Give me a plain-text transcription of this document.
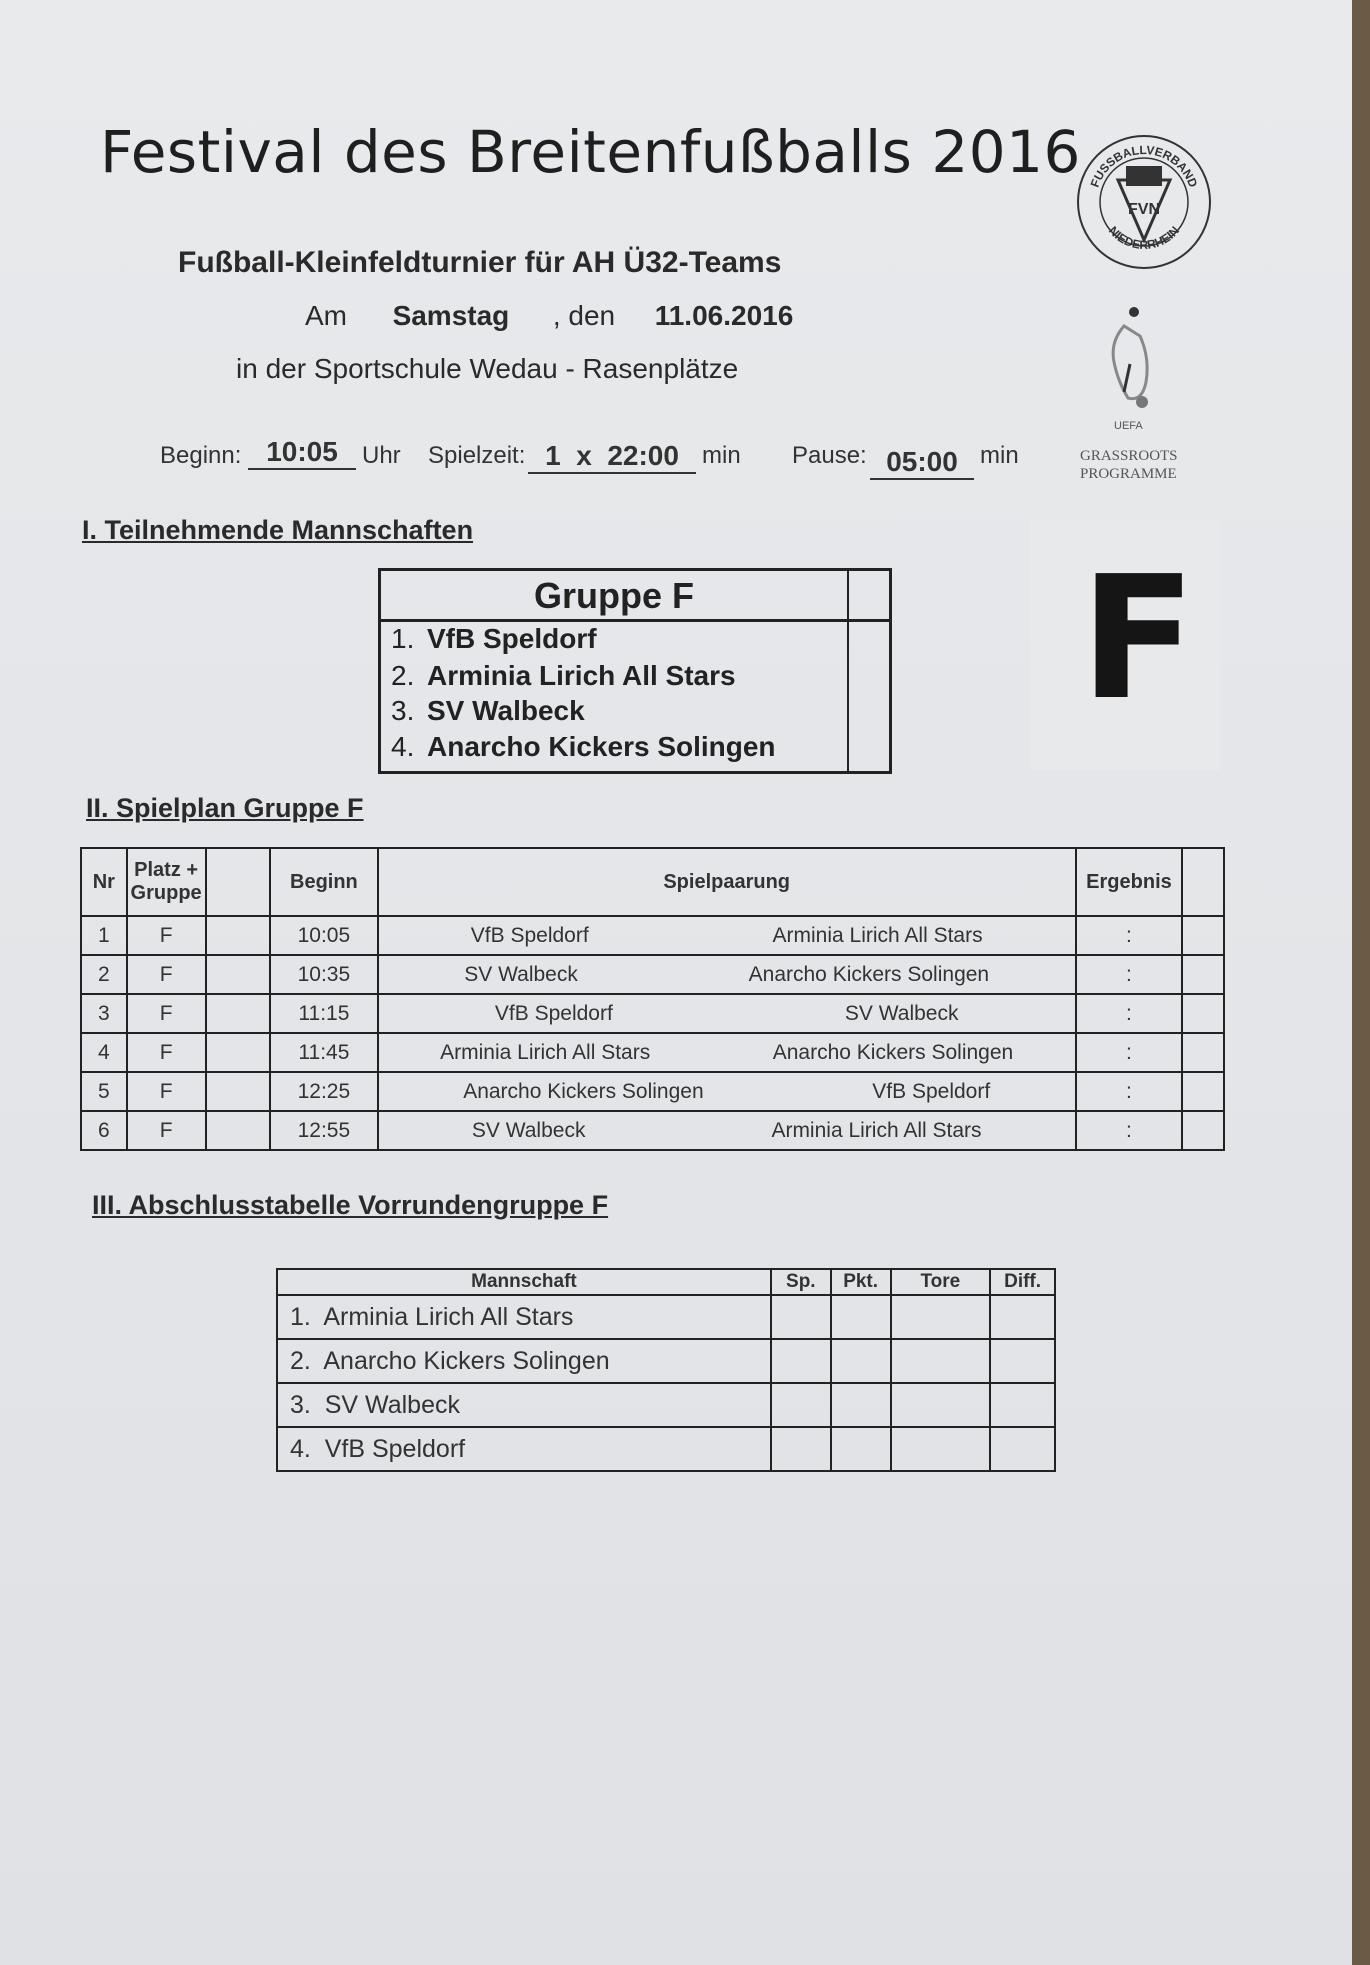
Festival des Breitenfußballs 2016
Fußball-Kleinfeldturnier für AH Ü32-Teams
Am Samstag , den 11.06.2016
in der Sportschule Wedau - Rasenplätze
Beginn: 10:05	Uhr Spielzeit: 1  x  22:00 min Pause: 05:00 min
FUSSBALLVERBAND
NIEDERRHEIN
FVN
UEFA
GRASSROOTS
PROGRAMME
I. Teilnehmende Mannschaften
Gruppe F
1. VfB Speldorf
2. Arminia Lirich All Stars
3. SV Walbeck
4. Anarcho Kickers Solingen
F
II. Spielplan Gruppe F
Nr	Platz +
Gruppe		Beginn	Spielpaarung	Ergebnis	
1	F		10:05	VfB Speldorf Arminia Lirich All Stars	:	
2	F		10:35	SV Walbeck Anarcho Kickers Solingen	:	
3	F		11:15	VfB Speldorf SV Walbeck	:	
4	F		11:45	Arminia Lirich All Stars Anarcho Kickers Solingen	:	
5	F		12:25	Anarcho Kickers Solingen VfB Speldorf	:	
6	F		12:55	SV Walbeck Arminia Lirich All Stars	:	
III. Abschlusstabelle Vorrundengruppe F
Mannschaft	Sp.	Pkt.	Tore	Diff.
1.  Arminia Lirich All Stars				
2.  Anarcho Kickers Solingen				
3.  SV Walbeck				
4.  VfB Speldorf				
